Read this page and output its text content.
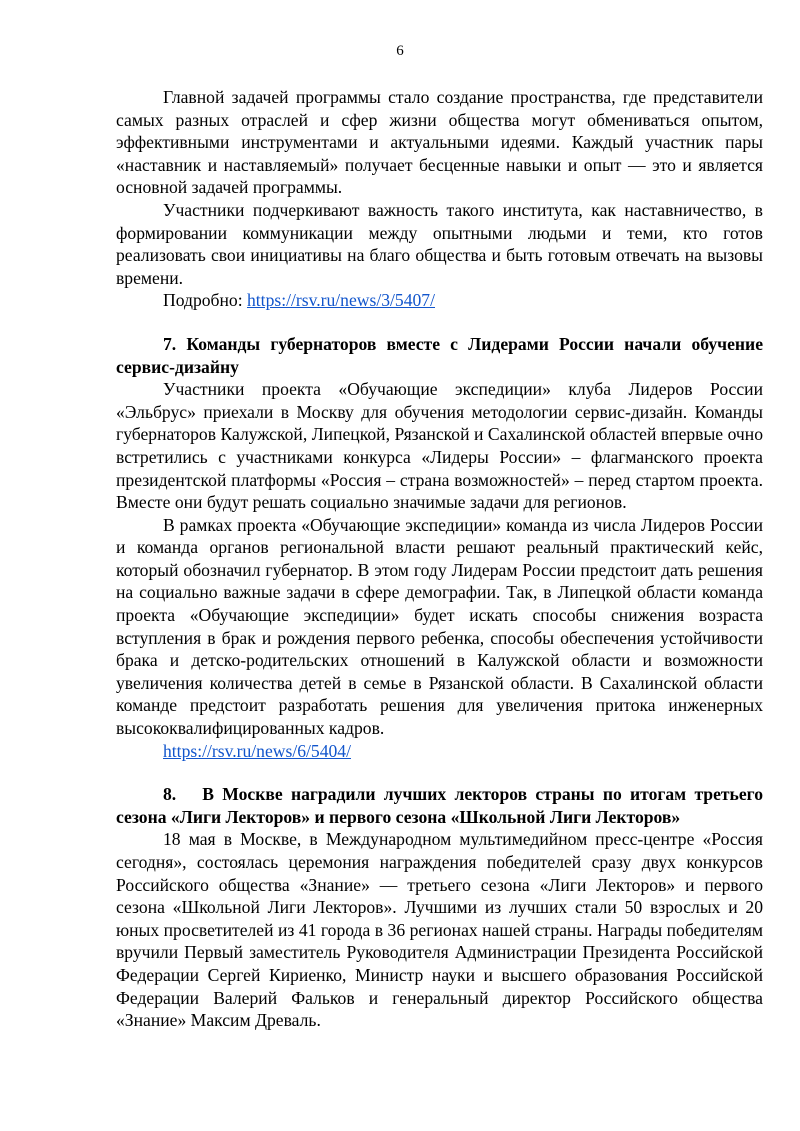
6

Главной задачей программы стало создание пространства, где представители самых разных отраслей и сфер жизни общества могут обмениваться опытом, эффективными инструментами и актуальными идеями. Каждый участник пары «наставник и наставляемый» получает бесценные навыки и опыт — это и является основной задачей программы.

Участники подчеркивают важность такого института, как наставничество, в формировании коммуникации между опытными людьми и теми, кто готов реализовать свои инициативы на благо общества и быть готовым отвечать на вызовы времени.

Подробно: https://rsv.ru/news/3/5407/
7. Команды губернаторов вместе с Лидерами России начали обучение сервис-дизайну

Участники проекта «Обучающие экспедиции» клуба Лидеров России «Эльбрус» приехали в Москву для обучения методологии сервис-дизайн. Команды губернаторов Калужской, Липецкой, Рязанской и Сахалинской областей впервые очно встретились с участниками конкурса «Лидеры России» – флагманского проекта президентской платформы «Россия – страна возможностей» – перед стартом проекта. Вместе они будут решать социально значимые задачи для регионов.

В рамках проекта «Обучающие экспедиции» команда из числа Лидеров России и команда органов региональной власти решают реальный практический кейс, который обозначил губернатор. В этом году Лидерам России предстоит дать решения на социально важные задачи в сфере демографии. Так, в Липецкой области команда проекта «Обучающие экспедиции» будет искать способы снижения возраста вступления в брак и рождения первого ребенка, способы обеспечения устойчивости брака и детско-родительских отношений в Калужской области и возможности увеличения количества детей в семье в Рязанской области. В Сахалинской области команде предстоит разработать решения для увеличения притока инженерных высококвалифицированных кадров.

https://rsv.ru/news/6/5404/
8. В Москве наградили лучших лекторов страны по итогам третьего сезона «Лиги Лекторов» и первого сезона «Школьной Лиги Лекторов»

18 мая в Москве, в Международном мультимедийном пресс-центре «Россия сегодня», состоялась церемония награждения победителей сразу двух конкурсов Российского общества «Знание» — третьего сезона «Лиги Лекторов» и первого сезона «Школьной Лиги Лекторов». Лучшими из лучших стали 50 взрослых и 20 юных просветителей из 41 города в 36 регионах нашей страны. Награды победителям вручили Первый заместитель Руководителя Администрации Президента Российской Федерации Сергей Кириенко, Министр науки и высшего образования Российской Федерации Валерий Фальков и генеральный директор Российского общества «Знание» Максим Древаль.
